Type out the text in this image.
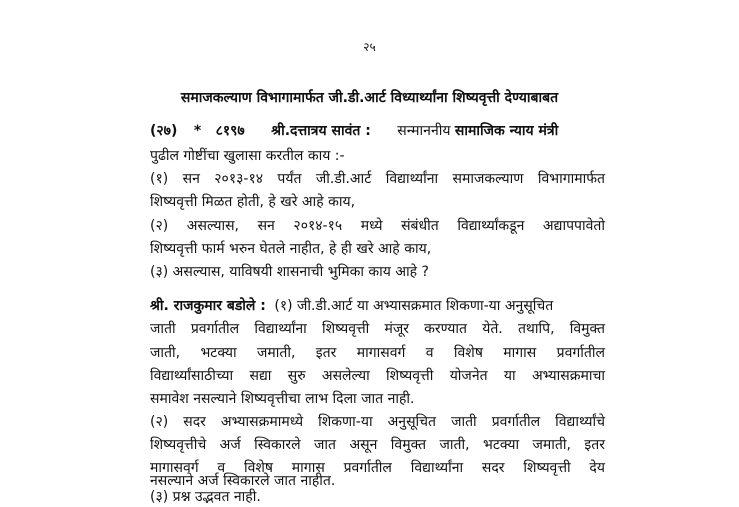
२५
समाजकल्याण विभागामार्फत जी.डी.आर्ट विध्यार्थ्यांना शिष्यवृत्ती देण्याबाबत
(२७) * ८१९७ श्री.दत्तात्रय सावंत : सन्माननीय सामाजिक न्याय मंत्री
पुढील गोष्टींचा खुलासा करतील काय :-
(१) सन २०१३-१४ पर्यंत जी.डी.आर्ट विद्यार्थ्यांना समाजकल्याण विभागामार्फत
शिष्यवृत्ती मिळत होती, हे खरे आहे काय,
(२) असल्यास, सन २०१४-१५ मध्ये संबंधीत विद्यार्थ्यांकडून अद्यापपावेतो
शिष्यवृत्ती फार्म भरुन घेतले नाहीत, हे ही खरे आहे काय,
(३) असल्यास, याविषयी शासनाची भुमिका काय आहे ?
श्री. राजकुमार बडोले : (१) जी.डी.आर्ट या अभ्यासक्रमात शिकणा-या अनुसूचित
जाती प्रवर्गातील विद्यार्थ्यांना शिष्यवृत्ती मंजूर करण्यात येते. तथापि, विमुक्त
जाती, भटक्या जमाती, इतर मागासवर्ग व विशेष मागास प्रवर्गातील
विद्यार्थ्यांसाठीच्या सद्या सुरु असलेल्या शिष्यवृत्ती योजनेत या अभ्यासक्रमाचा
समावेश नसल्याने शिष्यवृत्तीचा लाभ दिला जात नाही.
(२) सदर अभ्यासक्रमामध्ये शिकणा-या अनुसूचित जाती प्रवर्गातील विद्यार्थ्यांचे
शिष्यवृत्तीचे अर्ज स्विकारले जात असून विमुक्त जाती, भटक्या जमाती, इतर
मागासवर्ग व विशेष मागास प्रवर्गातील विद्यार्थ्यांना सदर शिष्यवृत्ती देय
नसल्याने अर्ज स्विकारले जात नाहीत.
(३) प्रश्न उद्भवत नाही.
